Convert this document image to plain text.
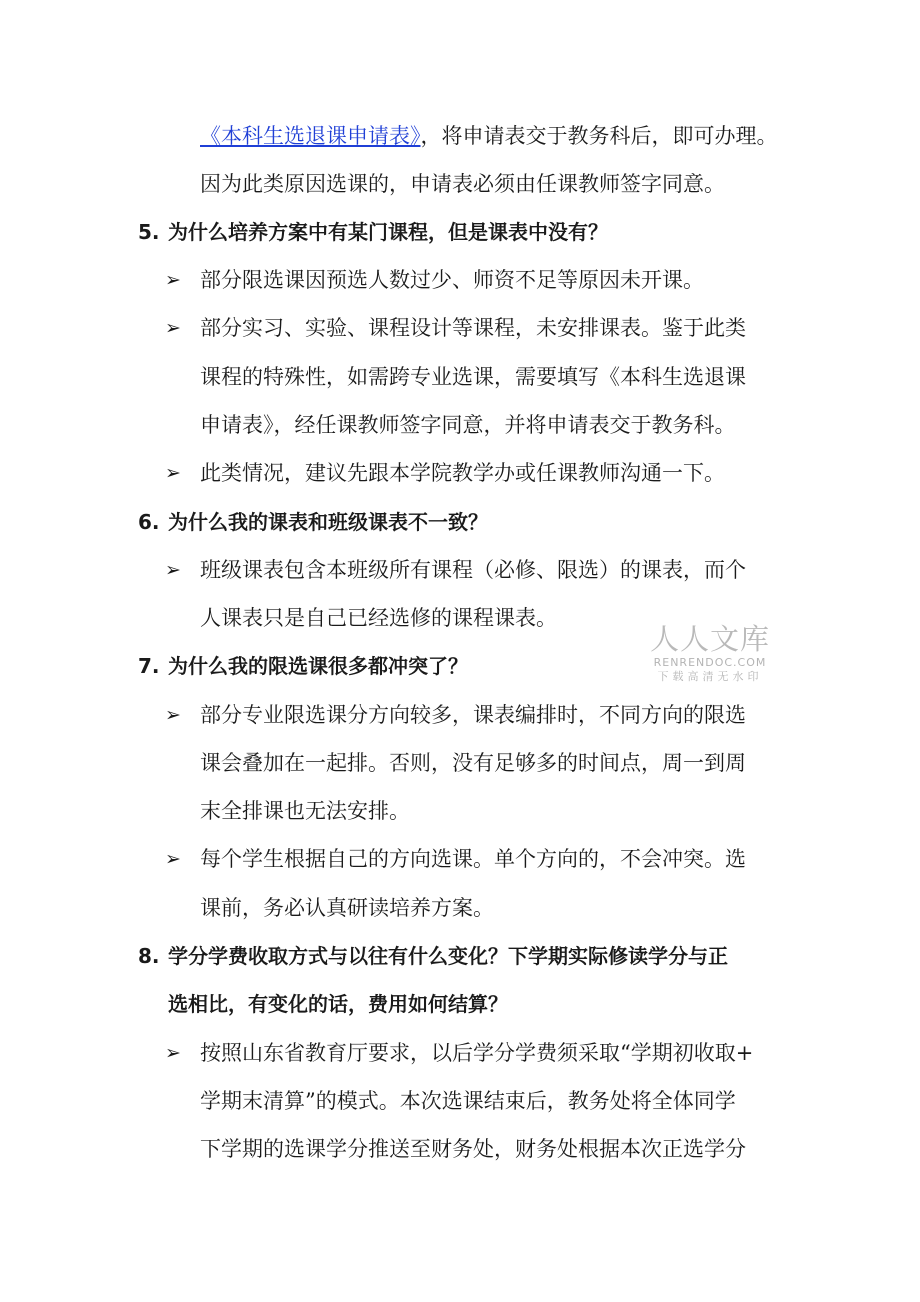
《本科生选退课申请表》，将申请表交于教务科后，即可办理。
因为此类原因选课的，申请表必须由任课教师签字同意。
5. 为什么培养方案中有某门课程，但是课表中没有？
➢ 部分限选课因预选人数过少、师资不足等原因未开课。
➢ 部分实习、实验、课程设计等课程，未安排课表。鉴于此类
课程的特殊性，如需跨专业选课，需要填写《本科生选退课
申请表》，经任课教师签字同意，并将申请表交于教务科。
➢ 此类情况，建议先跟本学院教学办或任课教师沟通一下。
6. 为什么我的课表和班级课表不一致？
➢ 班级课表包含本班级所有课程（必修、限选）的课表，而个
人课表只是自己已经选修的课程课表。
7. 为什么我的限选课很多都冲突了？
➢ 部分专业限选课分方向较多，课表编排时，不同方向的限选
课会叠加在一起排。否则，没有足够多的时间点，周一到周
末全排课也无法安排。
➢ 每个学生根据自己的方向选课。单个方向的，不会冲突。选
课前，务必认真研读培养方案。
8. 学分学费收取方式与以往有什么变化？下学期实际修读学分与正
选相比，有变化的话，费用如何结算？
➢ 按照山东省教育厅要求，以后学分学费须采取“学期初收取+
学期末清算”的模式。本次选课结束后，教务处将全体同学
下学期的选课学分推送至财务处，财务处根据本次正选学分
人人文库
RENRENDOC.COM
下载高清无水印
